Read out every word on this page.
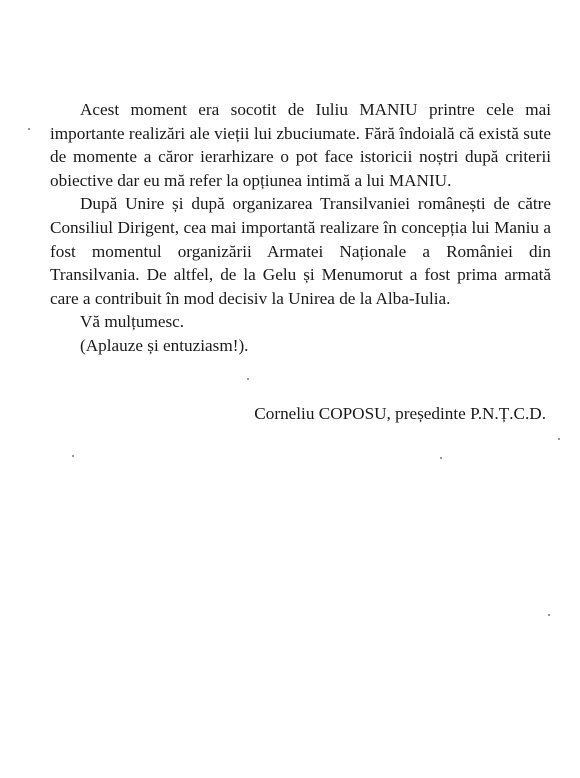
Acest moment era socotit de Iuliu MANIU printre cele mai importante realizări ale vieții lui zbuciumate. Fără îndoială că există sute de momente a căror ierarhizare o pot face istoricii noștri după criterii obiective dar eu mă refer la opțiunea intimă a lui MANIU.

După Unire și după organizarea Transilvaniei românești de către Consiliul Dirigent, cea mai importantă realizare în concepția lui Maniu a fost momentul organizării Armatei Naționale a României din Transilvania. De altfel, de la Gelu și Menumorut a fost prima armată care a contribuit în mod decisiv la Unirea de la Alba-Iulia.

Vă mulțumesc.

(Aplauze și entuziasm!).

Corneliu COPOSU, președinte P.N.Ț.C.D.
